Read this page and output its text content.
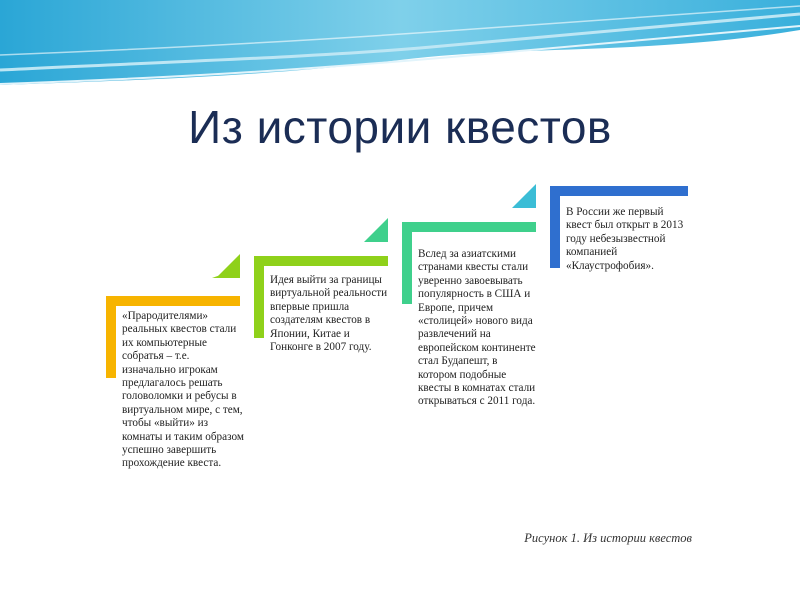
Из истории квестов

«Прародителями» реальных квестов стали их компьютерные собратья – т.е. изначально игрокам предлагалось решать головоломки и ребусы в виртуальном мире, с тем, чтобы «выйти» из комнаты и таким образом успешно завершить прохождение квеста.

Идея выйти за границы виртуальной реальности впервые пришла создателям квестов в Японии, Китае и Гонконге в 2007 году.

Вслед за азиатскими странами квесты стали уверенно завоевывать популярность в США и Европе, причем «столицей» нового вида развлечений на европейском континенте стал Будапешт, в котором подобные квесты в комнатах стали открываться с 2011 года.

В России же первый квест был открыт в 2013 году небезызвестной компанией «Клаустрофобия».

Рисунок 1. Из истории квестов
